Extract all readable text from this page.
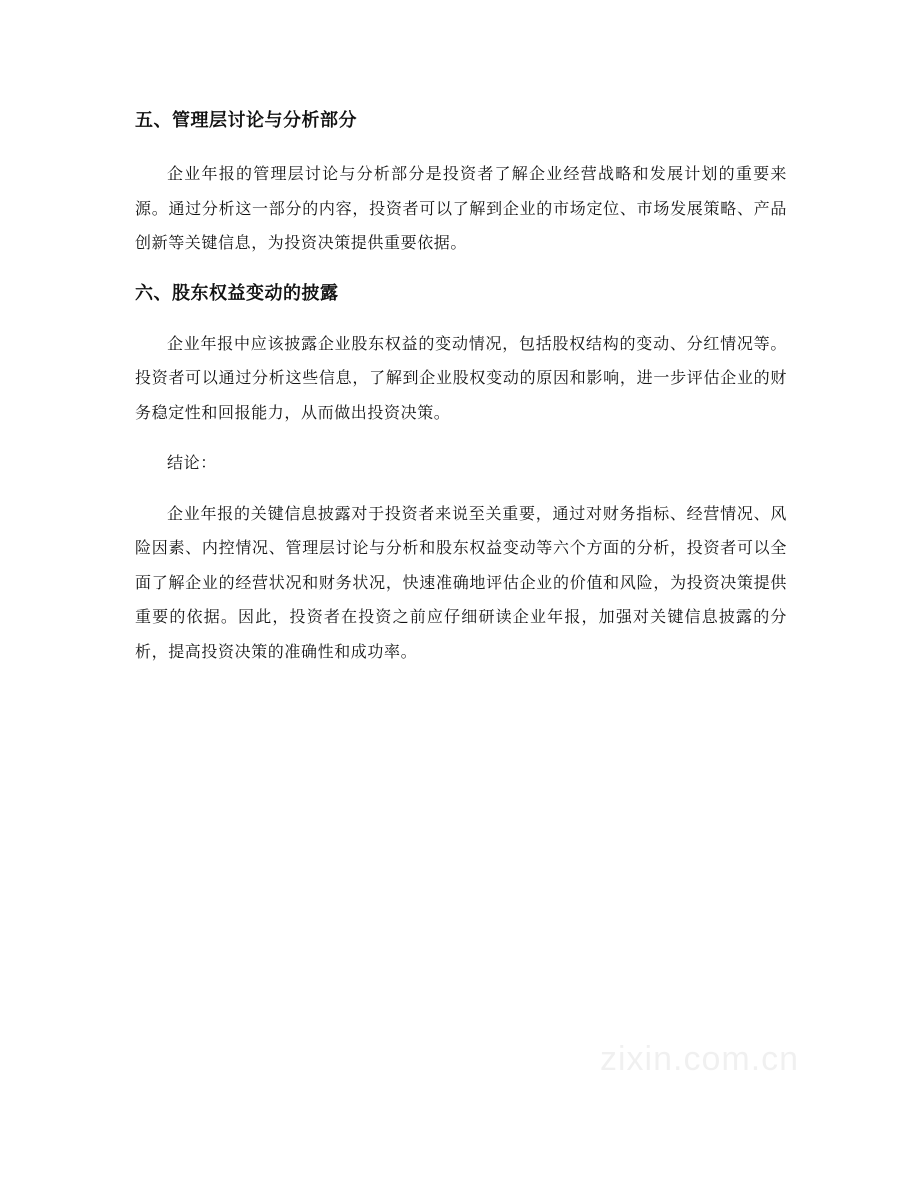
五、管理层讨论与分析部分

企业年报的管理层讨论与分析部分是投资者了解企业经营战略和发展计划的重要来源。通过分析这一部分的内容，投资者可以了解到企业的市场定位、市场发展策略、产品创新等关键信息，为投资决策提供重要依据。

六、股东权益变动的披露

企业年报中应该披露企业股东权益的变动情况，包括股权结构的变动、分红情况等。投资者可以通过分析这些信息，了解到企业股权变动的原因和影响，进一步评估企业的财务稳定性和回报能力，从而做出投资决策。

结论：

企业年报的关键信息披露对于投资者来说至关重要，通过对财务指标、经营情况、风险因素、内控情况、管理层讨论与分析和股东权益变动等六个方面的分析，投资者可以全面了解企业的经营状况和财务状况，快速准确地评估企业的价值和风险，为投资决策提供重要的依据。因此，投资者在投资之前应仔细研读企业年报，加强对关键信息披露的分析，提高投资决策的准确性和成功率。

zixin.com.cn
